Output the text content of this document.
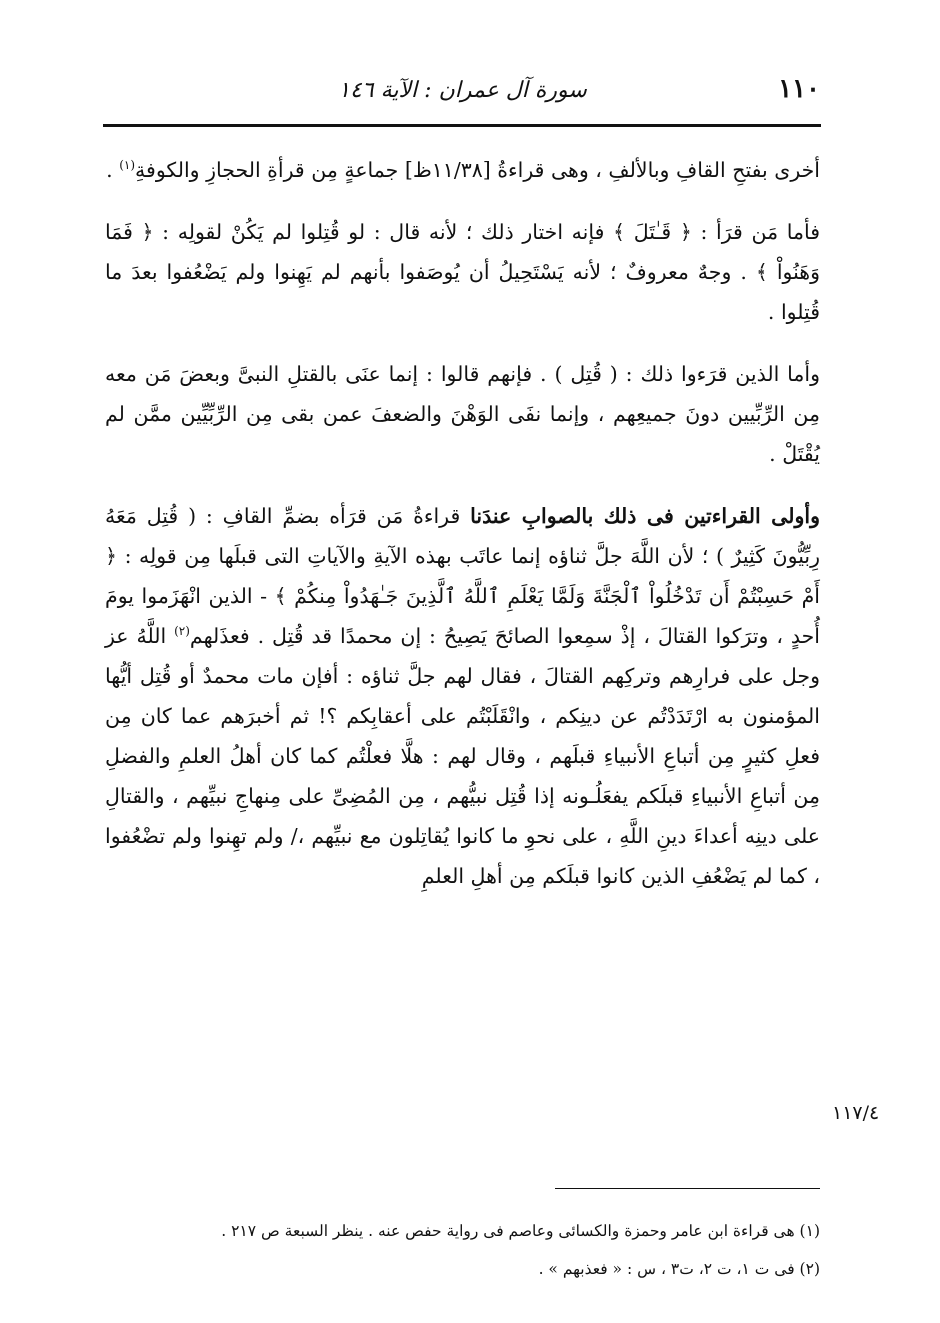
١١٠
سورة آل عمران : الآية ١٤٦

أخرى بفتحِ القافِ وبالألفِ ، وهى قراءةُ [١١/٣٨ظ] جماعةٍ مِن قرأةِ الحجازِ والكوفةِ$^{(١)}$ .

فأما مَن قرَأ : ﴿ قَـٰتَلَ ﴾ فإنه اختار ذلك ؛ لأنه قال : لو قُتِلوا لم يَكُنْ لقولِه : ﴿ فَمَا وَهَنُواْ ﴾ . وجهٌ معروفٌ ؛ لأنه يَسْتَحِيلُ أن يُوصَفوا بأنهم لم يَهِنوا ولم يَضْعُفوا بعدَ ما قُتِلوا .

وأما الذين قرَءوا ذلك : ( قُتِل ) . فإنهم قالوا : إنما عنَى بالقتلِ النبىَّ وبعضَ مَن معه مِن الرِّبِّيين دونَ جميعِهم ، وإنما نفَى الوَهْنَ والضعفَ عمن بقى مِن الرِّبِّيِّين ممَّن لم يُقْتَلْ .

وأولى القراءتين فى ذلك بالصوابِ عندَنا قراءةُ مَن قرَأه بضمِّ القافِ : ( قُتِل مَعَهُ رِبِّيُّونَ كَثِيرٌ ) ؛ لأن اللَّهَ جلَّ ثناؤه إنما عاتَب بهذه الآيةِ والآياتِ التى قبلَها مِن قولِه : ﴿ أَمْ حَسِبْتُمْ أَن تَدْخُلُواْ ٱلْجَنَّةَ وَلَمَّا يَعْلَمِ ٱللَّهُ ٱلَّذِينَ جَـٰهَدُواْ مِنكُمْ ﴾ - الذين انْهَزَموا يومَ أُحدٍ ، وترَكوا القتالَ ، إذْ سمِعوا الصائحَ يَصِيحُ : إن محمدًا قد قُتِل . فعذَلهم$^{(٢)}$ اللَّهُ عز وجل على فرارِهم وتركِهم القتالَ ، فقال لهم جلَّ ثناؤه : أفإن مات محمدٌ أو قُتِل أيُّها المؤمنون به ارْتَدَدْتُم عن دينِكم ، وانْقَلَبْتُم على أعقابِكم ؟! ثم أخبرَهم عما كان مِن فعلِ كثيرٍ مِن أتباعِ الأنبياءِ قبلَهم ، وقال لهم : هلَّا فعلْتُم كما كان أهلُ العلمِ والفضلِ مِن أتباعِ الأنبياءِ قبلَكم يفعَلُـونه إذا قُتِل نبيُّهم ، مِن المُضِىِّ على مِنهاجِ نبيِّهم ، والقتالِ على دينِه أعداءَ دينِ اللَّهِ ، على نحوِ ما كانوا يُقاتِلون مع نبيِّهم ،/ ولم تهِنوا ولم تضْعُفوا ، كما لم يَضْعُفِ الذين كانوا قبلَكم مِن أهلِ العلمِ

١١٧/٤

(١) هى قراءة ابن عامر وحمزة والكسائى وعاصم فى رواية حفص عنه . ينظر السبعة ص ٢١٧ .

(٢) فى ت ١، ت ٢، ت٣ ، س : « فعذبهم » .
